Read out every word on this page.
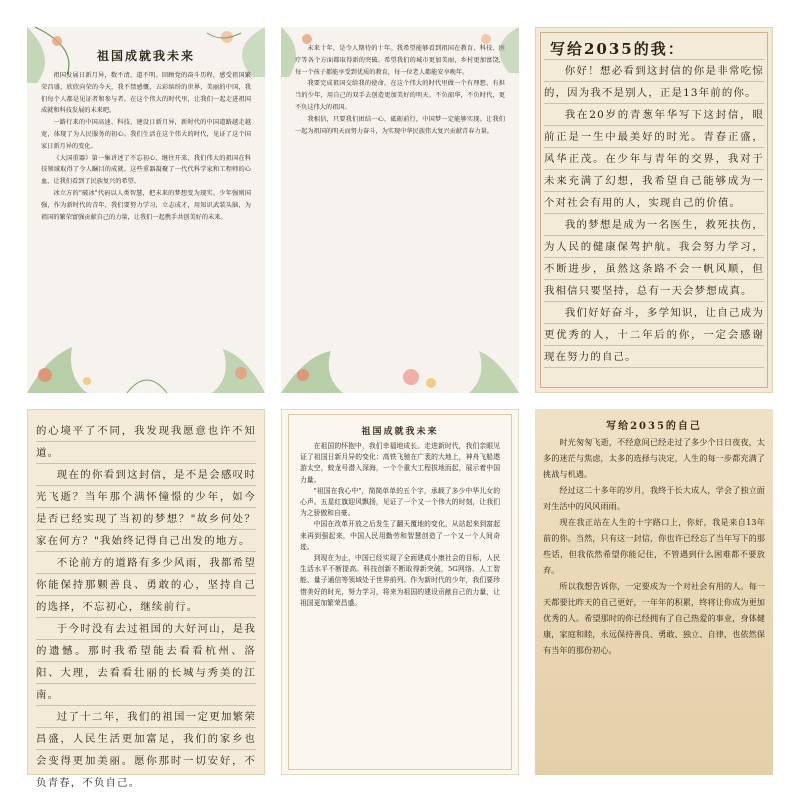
祖国成就我未来

祖国发展日新月异，数不清，道不明。回顾党的奋斗历程，感受祖国繁荣昌盛，欣欣向荣的今天，我不禁感慨，五彩缤纷的世界，美丽的中国，我们每个人都是见证者和参与者。在这个伟大的时代里，让我们一起走进祖国成就和科技发展的未来吧。

一路行来的中国高速、科技、建设日新月异，新时代的中国道路越走越宽，体现了为人民服务的初心。我们生活在这个伟大的时代，见证了这个国家日新月异的变化。

《大国重器》第一集讲述了不忘初心、继往开来，我们伟大的祖国在科技领域取得了令人瞩目的成就。这些重器凝聚了一代代科学家和工程师的心血，让我们看到了民族复兴的希望。

冰立方的"破冰"代码以人类智慧，把未来的梦想变为现实。少年强则国强，作为新时代的青年，我们要努力学习，立志成才，用知识武装头脑，为祖国的繁荣富强贡献自己的力量，让我们一起携手共创美好的未来。

未来十年，是令人期待的十年。我希望能够看到祖国在教育、科技、医疗等各个方面都取得新的突破。希望我们的城市更加美丽，乡村更加富饶，每一个孩子都能享受到优质的教育，每一位老人都能安享晚年。

我要完成祖国交给我的使命，在这个伟大的时代里做一个有理想、有担当的少年，用自己的双手去创造更加美好的明天。不负韶华，不负时代，更不负这伟大的祖国。

我相信，只要我们团结一心，砥砺前行，中国梦一定能够实现。让我们一起为祖国的明天而努力奋斗，为实现中华民族伟大复兴贡献青春力量。

写给2035的我：

你好！想必看到这封信的你是非常吃惊的，因为我不是别人，正是13年前的你。

我在20岁的青葱年华写下这封信，眼前正是一生中最美好的时光。青春正盛，风华正茂。在少年与青年的交界，我对于未来充满了幻想，我希望自己能够成为一个对社会有用的人，实现自己的价值。

我的梦想是成为一名医生，救死扶伤，为人民的健康保驾护航。我会努力学习，不断进步，虽然这条路不会一帆风顺，但我相信只要坚持，总有一天会梦想成真。

我们好好奋斗，多学知识，让自己成为更优秀的人，十二年后的你，一定会感谢现在努力的自己。

的心境平了不同，我发现我愿意也许不知道。

现在的你看到这封信，是不是会感叹时光飞逝？当年那个满怀憧憬的少年，如今是否已经实现了当初的梦想？"故乡何处？家在何方？"我始终记得自己出发的地方。

不论前方的道路有多少风雨，我都希望你能保持那颗善良、勇敢的心，坚持自己的选择，不忘初心，继续前行。

于今时没有去过祖国的大好河山，是我的遗憾。那时我希望能去看看杭州、洛阳、大理，去看看壮丽的长城与秀美的江南。

过了十二年，我们的祖国一定更加繁荣昌盛，人民生活更加富足，我们的家乡也会变得更加美丽。愿你那时一切安好，不负青春，不负自己。

祖国成就我未来

在祖国的怀抱中，我们幸福地成长。走进新时代，我们亲眼见证了祖国日新月异的变化：高铁飞驰在广袤的大地上，神舟飞船遨游太空，蛟龙号潜入深海，一个个重大工程拔地而起，展示着中国力量。

"祖国在我心中"，简简单单的五个字，承载了多少中华儿女的心声。五星红旗迎风飘扬，见证了一个又一个伟大的时刻，让我们为之骄傲和自豪。

中国在改革开放之后发生了翻天覆地的变化，从站起来到富起来再到强起来，中国人民用勤劳和智慧创造了一个又一个人间奇迹。

到现在为止，中国已经实现了全面建成小康社会的目标，人民生活水平不断提高。科技创新不断取得新突破，5G网络、人工智能、量子通信等领域处于世界前列。作为新时代的少年，我们要珍惜美好的时光，努力学习，将来为祖国的建设贡献自己的力量，让祖国更加繁荣昌盛。

写给2035的自己

时光匆匆飞逝，不经意间已经走过了多少个日日夜夜，太多的迷茫与焦虑，太多的选择与决定，人生的每一步都充满了挑战与机遇。

经过这二十多年的岁月，我终于长大成人，学会了独立面对生活中的风风雨雨。

现在我正站在人生的十字路口上，你好，我是来自13年前的你。当然，只有这一封信，你也许已经忘了当年写下的那些话，但我依然希望你能记住，不管遇到什么困难都不要放弃。

所以我想告诉你，一定要成为一个对社会有用的人。每一天都要比昨天的自己更好，一年年的积累，终将让你成为更加优秀的人。希望那时的你已经拥有了自己热爱的事业，身体健康，家庭和睦，永远保持善良、勇敢、独立、自律，也依然保有当年的那份初心。
